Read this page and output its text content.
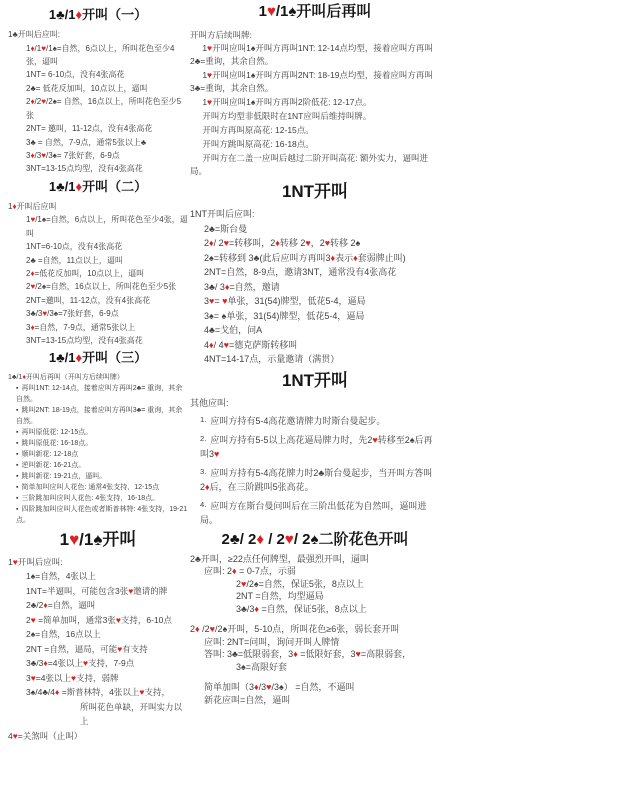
1♣/1♦开叫（一）
1♣开叫后应叫:
1♦/1♥/1♠=自然，6点以上，所叫花色至少4张，逼叫
1NT= 6-10点，没有4张高花
2♣= 低花反加叫，10点以上，逼叫
2♦/2♥/2♠= 自然，16点以上，所叫花色至少5张
2NT= 邀叫，11-12点，没有4张高花
3♣ = 自然，7-9点，通常5张以上♣
3♦/3♥/3♠= 7张好套，6-9点
3NT=13-15点均型，没有4张高花
1♣/1♦开叫（二）
1♦开叫后应叫
1♥/1♠=自然，6点以上，所叫花色至少4张，逼叫
1NT=6-10点，没有4张高花
2♣ =自然，11点以上，逼叫
2♦=低花反加叫，10点以上，逼叫
2♥/2♠=自然，16点以上，所叫花色至少5张
2NT=邀叫，11-12点，没有4张高花
3♣/3♥/3♠=7张好套，6-9点
3♦=自然，7-9点，通常5张以上
3NT=13-15点均型，没有4张高花
1♣/1♦开叫（三）
1♣/1♦开叫后再叫（开叫方后续叫牌）
▪ 再叫1NT: 12-14点，接着应叫方再叫2♣= 重询，其余自然。
▪ 跳叫2NT: 18-19点，接着应叫方再叫3♣= 重询，其余自然。
▪ 再叫原低花: 12-15点。
▪ 跳叫原低花: 16-18点。
▪ 顺叫新花: 12-18点
▪ 逆叫新花: 16-21点。
▪ 跳叫新花: 19-21点，逼叫。
▪ 简单加叫应叫人花色: 通常4张支持，12-15点
▪ 三阶跳加叫应叫人花色: 4张支持，16-18点。
▪ 四阶跳加叫应叫人花色或者斯普林特: 4张支持，19-21点。
1♥/1♠开叫
1♥开叫后应叫:
1♠=自然，4张以上
1NT=半逼叫，可能包含3张♥邀请的牌
2♣/2♦=自然，逼叫
2♥ =简单加叫，通常3张♥支持，6-10点
2♠=自然，16点以上
2NT =自然，逼局，可能♥有支持
3♣/3♦=4张以上♥支持，7-9点
3♥=4张以上♥支持，弱牌
3♠/4♣/4♦ =斯普林特，4张以上♥支持，
所叫花色单缺，开叫实力以上
4♥=关煞叫（止叫）
1♥/1♠开叫后再叫
开叫方后续叫牌:
1♥开叫应叫1♠开叫方再叫1NT: 12-14点均型，接着应叫方再叫2♣=重询，其余自然。
1♥开叫应叫1♠开叫方再叫2NT: 18-19点均型，接着应叫方再叫3♣=重询，其余自然。
1♥开叫应叫1♠开叫方再叫2阶低花: 12-17点。
开叫方均型非低限时在1NT应叫后维持叫牌。
开叫方再叫原高花: 12-15点。
开叫方跳叫原高花: 16-18点。
开叫方在二盖一应叫后越过二阶开叫高花: 额外实力，逼叫进局。
1NT开叫
1NT开叫后应叫:
2♣=斯台曼
2♦/ 2♥=转移叫，2♦转移 2♥，2♥转移 2♠
2♠=转移到 3♣(此后应叫方再叫3♦表示♦套弱牌止叫)
2NT=自然，8-9点，邀请3NT，通常没有4张高花
3♣/ 3♦=自然，邀请
3♥= ♥单张，31(54)牌型，低花5-4，逼局
3♠= ♠单张，31(54)牌型，低花5-4，逼局
4♣=戈伯，问A
4♦/ 4♥=德克萨斯转移叫
4NT=14-17点，示量邀请（满贯）
1NT开叫
其他应叫:
1. 应叫方持有5-4高花邀请牌力时斯台曼起步。
2. 应叫方持有5-5以上高花逼局牌力时，先2♥转移至2♠后再叫3♥
3. 应叫方持有5-4高花牌力时2♣斯台曼起步，当开叫方答叫2♦后，在三阶跳叫5张高花。
4. 应叫方在斯台曼问叫后在三阶出低花为自然叫，逼叫进局。
2♣/ 2♦ / 2♥/ 2♠二阶花色开叫
2♣开叫，≥22点任何牌型，最强烈开叫，逼叫
应叫: 2♦ = 0-7点，示弱
2♥/2♠=自然，保证5张，8点以上
2NT =自然，均型逼局
3♣/3♦ =自然，保证5张，8点以上
2♦ /2♥/2♠开叫，5-10点，所叫花色≥6张，弱长套开叫
应叫: 2NT=问叫，询问开叫人牌情
答叫: 3♣=低限弱套，3♦ =低限好套，3♥=高限弱套，
3♠=高限好套
简单加叫（3♦/3♥/3♠） =自然，不逼叫
新花应叫=自然，逼叫
